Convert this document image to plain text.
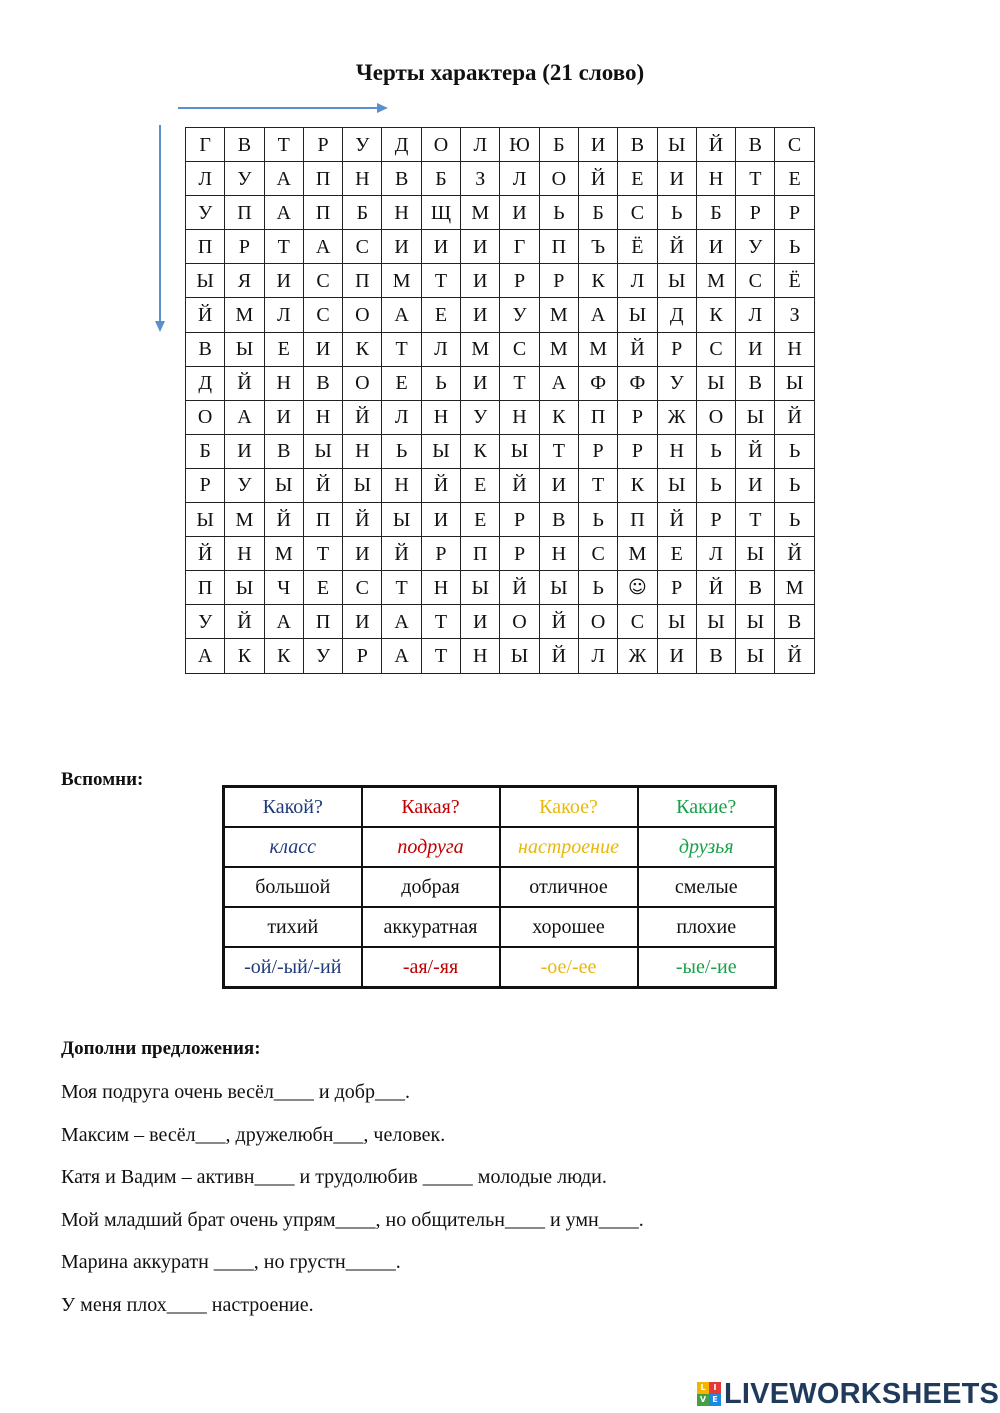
Черты характера (21 слово)
Г	В	Т	Р	У	Д	О	Л	Ю	Б	И	В	Ы	Й	В	С
Л	У	А	П	Н	В	Б	З	Л	О	Й	Е	И	Н	Т	Е
У	П	А	П	Б	Н	Щ	М	И	Ь	Б	С	Ь	Б	Р	Р
П	Р	Т	А	С	И	И	И	Г	П	Ъ	Ё	Й	И	У	Ь
Ы	Я	И	С	П	М	Т	И	Р	Р	К	Л	Ы	М	С	Ё
Й	М	Л	С	О	А	Е	И	У	М	А	Ы	Д	К	Л	З
В	Ы	Е	И	К	Т	Л	М	С	М	М	Й	Р	С	И	Н
Д	Й	Н	В	О	Е	Ь	И	Т	А	Ф	Ф	У	Ы	В	Ы
О	А	И	Н	Й	Л	Н	У	Н	К	П	Р	Ж	О	Ы	Й
Б	И	В	Ы	Н	Ь	Ы	К	Ы	Т	Р	Р	Н	Ь	Й	Ь
Р	У	Ы	Й	Ы	Н	Й	Е	Й	И	Т	К	Ы	Ь	И	Ь
Ы	М	Й	П	Й	Ы	И	Е	Р	В	Ь	П	Й	Р	Т	Ь
Й	Н	М	Т	И	Й	Р	П	Р	Н	С	М	Е	Л	Ы	Й
П	Ы	Ч	Е	С	Т	Н	Ы	Й	Ы	Ь	☺	Р	Й	В	М
У	Й	А	П	И	А	Т	И	О	Й	О	С	Ы	Ы	Ы	В
А	К	К	У	Р	А	Т	Н	Ы	Й	Л	Ж	И	В	Ы	Й
Вспомни:
Какой?	Какая?	Какое?	Какие?
класс	подруга	настроение	друзья
большой	добрая	отличное	смелые
тихий	аккуратная	хорошее	плохие
-ой/-ый/-ий	-ая/-яя	-ое/-ее	-ые/-ие
Дополни предложения:
Моя подруга очень весёл____ и добр___.
Максим – весёл___, дружелюбн___, человек.
Катя и Вадим – активн____ и трудолюбив _____ молодые люди.
Мой младший брат очень упрям____, но общительн____ и умн____.
Марина аккуратн ____, но грустн_____.
У меня плох____ настроение.
L I
V E LIVEWORKSHEETS
